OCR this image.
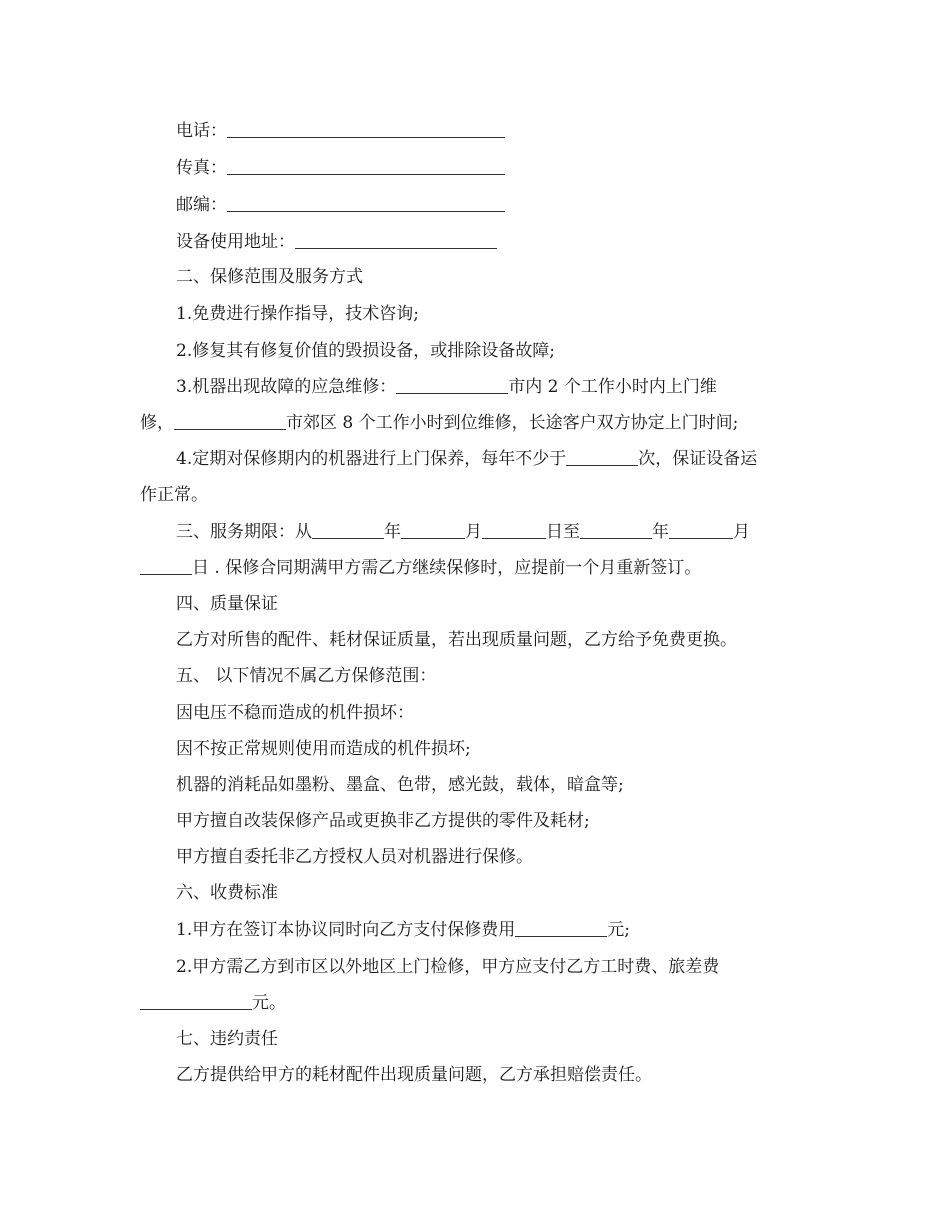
电话：
传真：
邮编：
设备使用地址：
二、保修范围及服务方式
1.免费进行操作指导，技术咨询;
2.修复其有修复价值的毁损设备，或排除设备故障;
3.机器出现故障的应急维修：	市内 2 个工作小时内上门维
修，	市郊区 8 个工作小时到位维修，长途客户双方协定上门时间;
4.定期对保修期内的机器进行上门保养，每年不少于	次，保证设备运
作正常。
三、服务期限：从	年	月	日至	年	月
日 . 保修合同期满甲方需乙方继续保修时，应提前一个月重新签订。
四、质量保证
乙方对所售的配件、耗材保证质量，若出现质量问题，乙方给予免费更换。
五、 以下情况不属乙方保修范围：
因电压不稳而造成的机件损坏：
因不按正常规则使用而造成的机件损坏;
机器的消耗品如墨粉、墨盒、色带，感光鼓，载体，暗盒等;
甲方擅自改装保修产品或更换非乙方提供的零件及耗材;
甲方擅自委托非乙方授权人员对机器进行保修。
六、收费标准
1.甲方在签订本协议同时向乙方支付保修费用	元;
2.甲方需乙方到市区以外地区上门检修，甲方应支付乙方工时费、旅差费
元。
七、违约责任
乙方提供给甲方的耗材配件出现质量问题，乙方承担赔偿责任。
